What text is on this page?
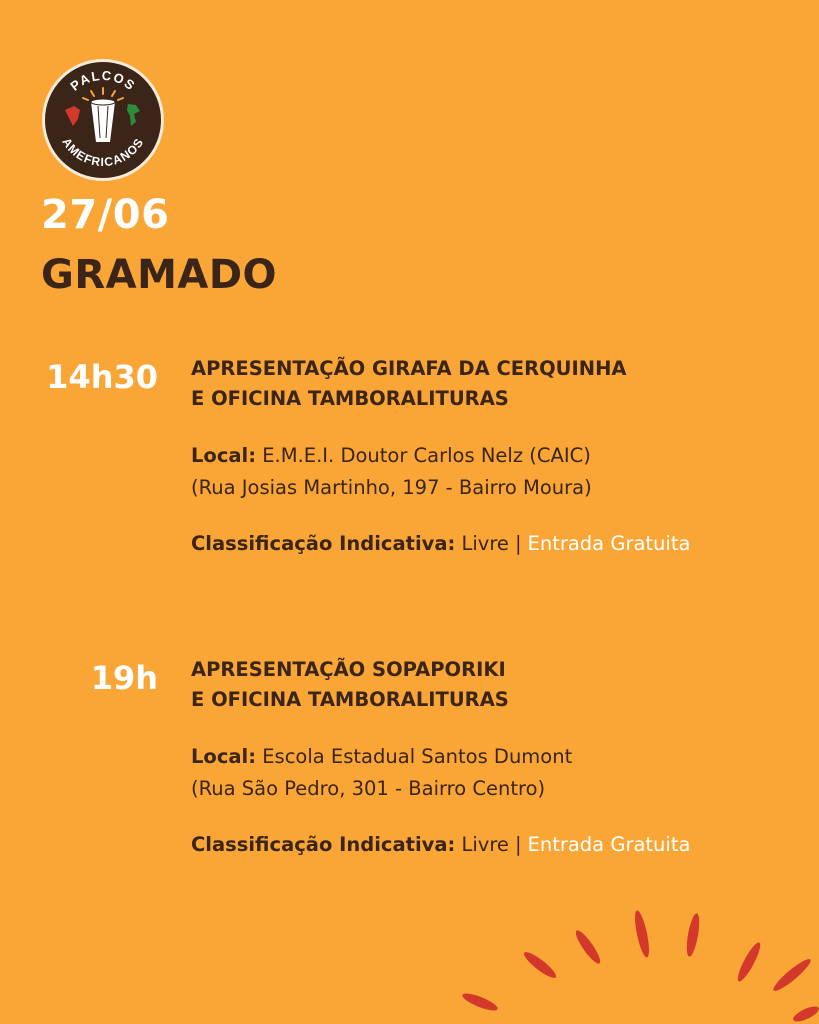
PALCOS
AMEFRICANOS
27/06
GRAMADO
14h30 APRESENTAÇÃO GIRAFA DA CERQUINHA
E OFICINA TAMBORALITURAS
Local: E.M.E.I. Doutor Carlos Nelz (CAIC)
(Rua Josias Martinho, 197 - Bairro Moura)
Classificação Indicativa: Livre | Entrada Gratuita
19h APRESENTAÇÃO SOPAPORIKI
E OFICINA TAMBORALITURAS
Local: Escola Estadual Santos Dumont
(Rua São Pedro, 301 - Bairro Centro)
Classificação Indicativa: Livre | Entrada Gratuita
